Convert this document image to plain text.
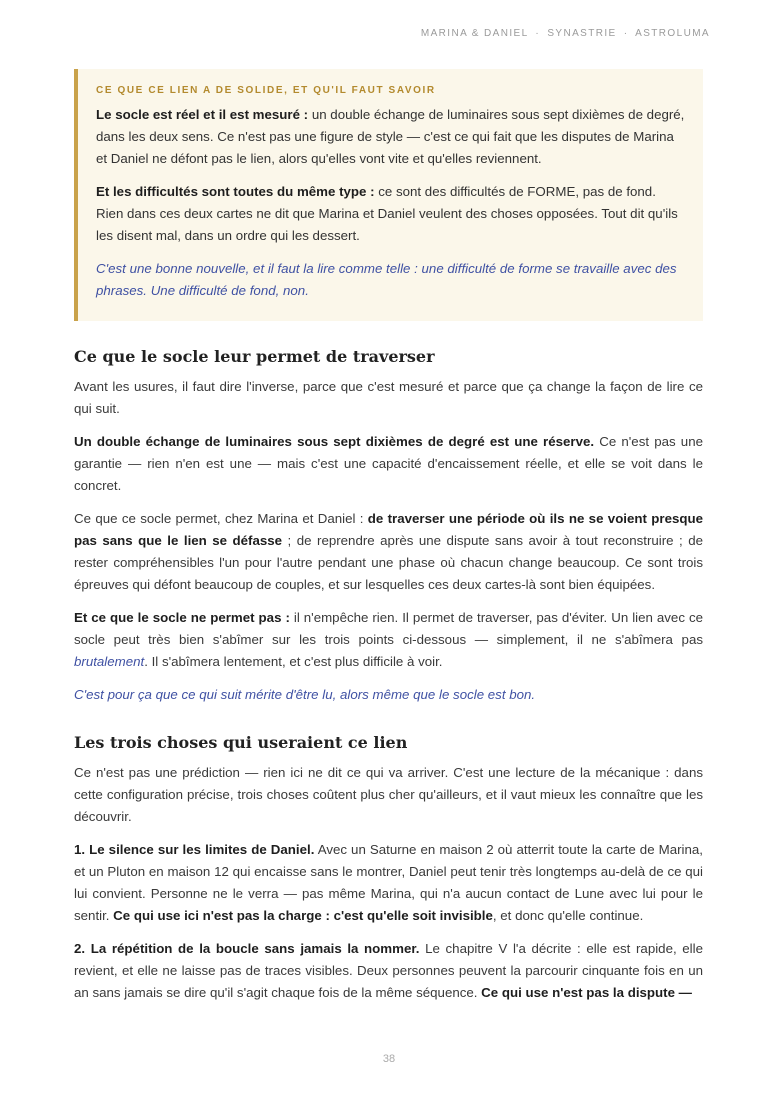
MARINA & DANIEL · SYNASTRIE · ASTROLUMA
CE QUE CE LIEN A DE SOLIDE, ET QU'IL FAUT SAVOIR

Le socle est réel et il est mesuré : un double échange de luminaires sous sept dixièmes de degré, dans les deux sens. Ce n'est pas une figure de style — c'est ce qui fait que les disputes de Marina et Daniel ne défont pas le lien, alors qu'elles vont vite et qu'elles reviennent.

Et les difficultés sont toutes du même type : ce sont des difficultés de FORME, pas de fond. Rien dans ces deux cartes ne dit que Marina et Daniel veulent des choses opposées. Tout dit qu'ils les disent mal, dans un ordre qui les dessert.

C'est une bonne nouvelle, et il faut la lire comme telle : une difficulté de forme se travaille avec des phrases. Une difficulté de fond, non.

Ce que le socle leur permet de traverser

Avant les usures, il faut dire l'inverse, parce que c'est mesuré et parce que ça change la façon de lire ce qui suit.

Un double échange de luminaires sous sept dixièmes de degré est une réserve. Ce n'est pas une garantie — rien n'en est une — mais c'est une capacité d'encaissement réelle, et elle se voit dans le concret.

Ce que ce socle permet, chez Marina et Daniel : de traverser une période où ils ne se voient presque pas sans que le lien se défasse ; de reprendre après une dispute sans avoir à tout reconstruire ; de rester compréhensibles l'un pour l'autre pendant une phase où chacun change beaucoup. Ce sont trois épreuves qui défont beaucoup de couples, et sur lesquelles ces deux cartes-là sont bien équipées.

Et ce que le socle ne permet pas : il n'empêche rien. Il permet de traverser, pas d'éviter. Un lien avec ce socle peut très bien s'abîmer sur les trois points ci-dessous — simplement, il ne s'abîmera pas brutalement. Il s'abîmera lentement, et c'est plus difficile à voir.

C'est pour ça que ce qui suit mérite d'être lu, alors même que le socle est bon.

Les trois choses qui useraient ce lien

Ce n'est pas une prédiction — rien ici ne dit ce qui va arriver. C'est une lecture de la mécanique : dans cette configuration précise, trois choses coûtent plus cher qu'ailleurs, et il vaut mieux les connaître que les découvrir.

1. Le silence sur les limites de Daniel. Avec un Saturne en maison 2 où atterrit toute la carte de Marina, et un Pluton en maison 12 qui encaisse sans le montrer, Daniel peut tenir très longtemps au-delà de ce qui lui convient. Personne ne le verra — pas même Marina, qui n'a aucun contact de Lune avec lui pour le sentir. Ce qui use ici n'est pas la charge : c'est qu'elle soit invisible, et donc qu'elle continue.

2. La répétition de la boucle sans jamais la nommer. Le chapitre V l'a décrite : elle est rapide, elle revient, et elle ne laisse pas de traces visibles. Deux personnes peuvent la parcourir cinquante fois en un an sans jamais se dire qu'il s'agit chaque fois de la même séquence. Ce qui use n'est pas la dispute —

38
